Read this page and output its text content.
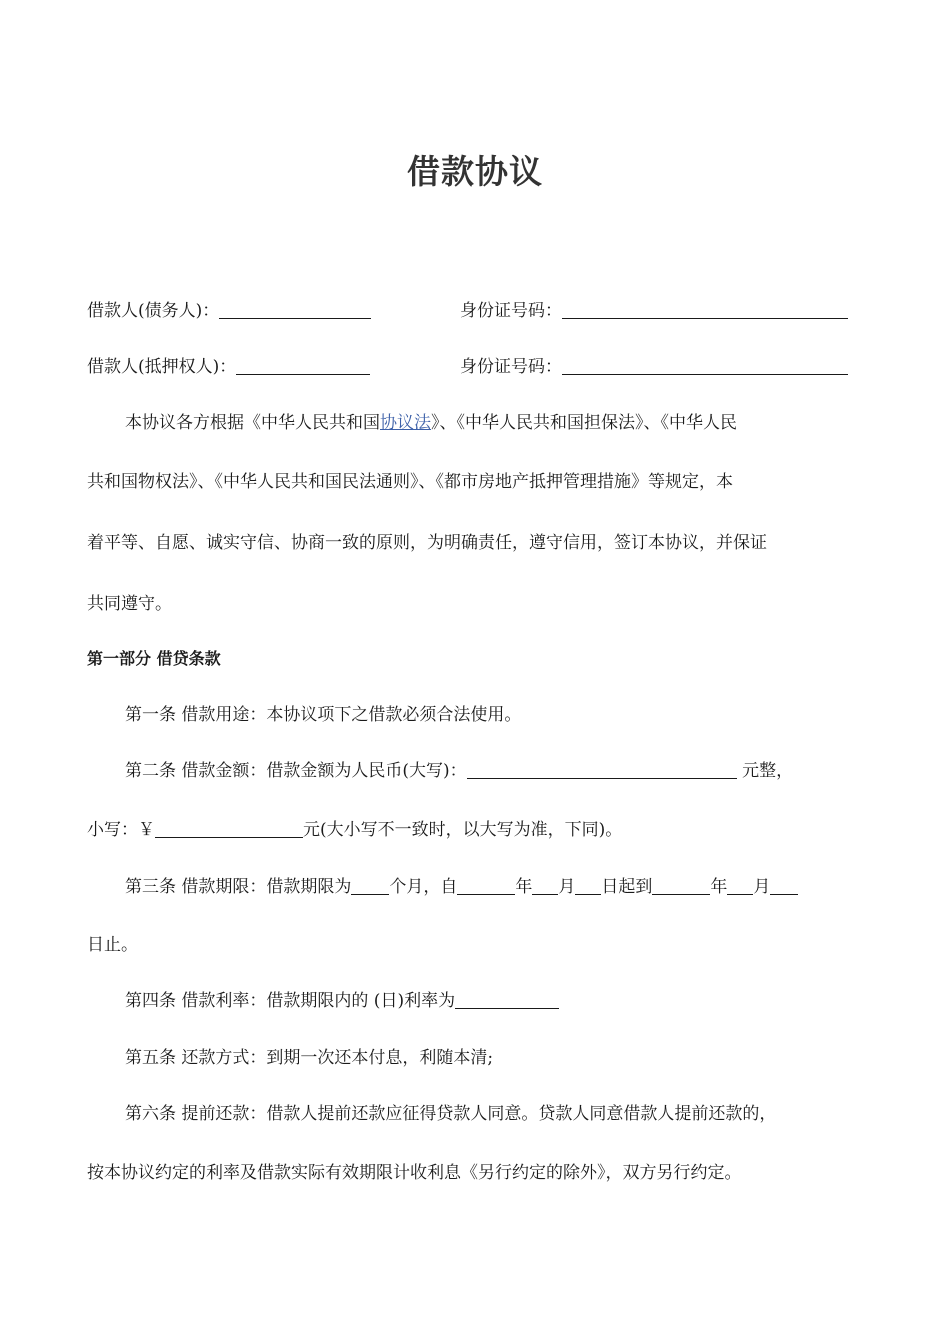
借款协议
借款人(债务人)：	身份证号码：
借款人(抵押权人)：	身份证号码：
本协议各方根据《中华人民共和国协议法》、《中华人民共和国担保法》、《中华人民
共和国物权法》、《中华人民共和国民法通则》、《都市房地产抵押管理措施》等规定，本
着平等、自愿、诚实守信、协商一致的原则，为明确责任，遵守信用，签订本协议，并保证
共同遵守。
第一部分 借贷条款
第一条 借款用途：本协议项下之借款必须合法使用。
第二条 借款金额：借款金额为人民币(大写)：	元整，
小写：￥	元(大小写不一致时，以大写为准，下同)。
第三条 借款期限：借款期限为 个月，自	年 月 日起到	年 月
日止。
第四条 借款利率：借款期限内的 (日)利率为
第五条 还款方式：到期一次还本付息，利随本清;
第六条 提前还款：借款人提前还款应征得贷款人同意。贷款人同意借款人提前还款的，
按本协议约定的利率及借款实际有效期限计收利息《另行约定的除外》，双方另行约定。
